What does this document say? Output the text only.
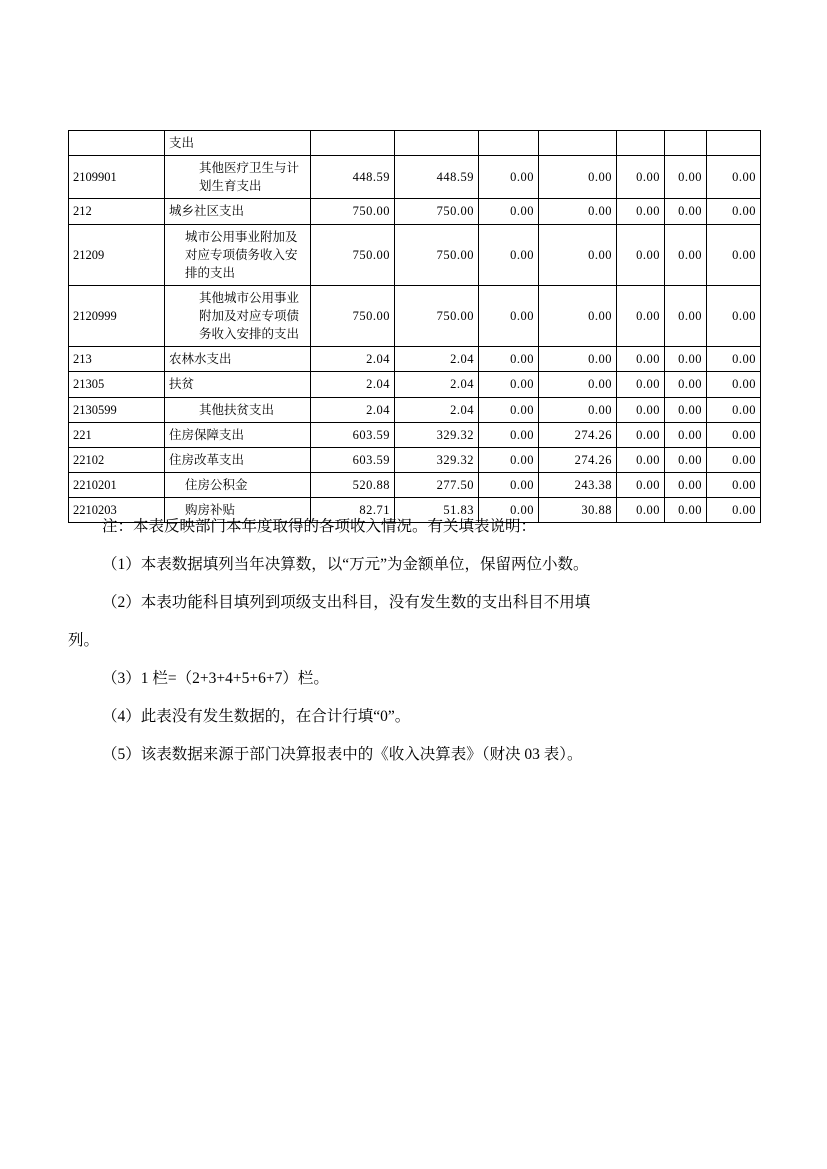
	支出							
2109901	其他医疗卫生与计划生育支出	448.59	448.59	0.00	0.00	0.00	0.00	0.00
212	城乡社区支出	750.00	750.00	0.00	0.00	0.00	0.00	0.00
21209	城市公用事业附加及对应专项债务收入安排的支出	750.00	750.00	0.00	0.00	0.00	0.00	0.00
2120999	其他城市公用事业附加及对应专项债务收入安排的支出	750.00	750.00	0.00	0.00	0.00	0.00	0.00
213	农林水支出	2.04	2.04	0.00	0.00	0.00	0.00	0.00
21305	扶贫	2.04	2.04	0.00	0.00	0.00	0.00	0.00
2130599	其他扶贫支出	2.04	2.04	0.00	0.00	0.00	0.00	0.00
221	住房保障支出	603.59	329.32	0.00	274.26	0.00	0.00	0.00
22102	住房改革支出	603.59	329.32	0.00	274.26	0.00	0.00	0.00
2210201	住房公积金	520.88	277.50	0.00	243.38	0.00	0.00	0.00
2210203	购房补贴	82.71	51.83	0.00	30.88	0.00	0.00	0.00

注：本表反映部门本年度取得的各项收入情况。有关填表说明：

（1）本表数据填列当年决算数，以“万元”为金额单位，保留两位小数。

（2）本表功能科目填列到项级支出科目，没有发生数的支出科目不用填

列。

（3）1 栏=（2+3+4+5+6+7）栏。

（4）此表没有发生数据的，在合计行填“0”。

（5）该表数据来源于部门决算报表中的《收入决算表》（财决 03 表）。
